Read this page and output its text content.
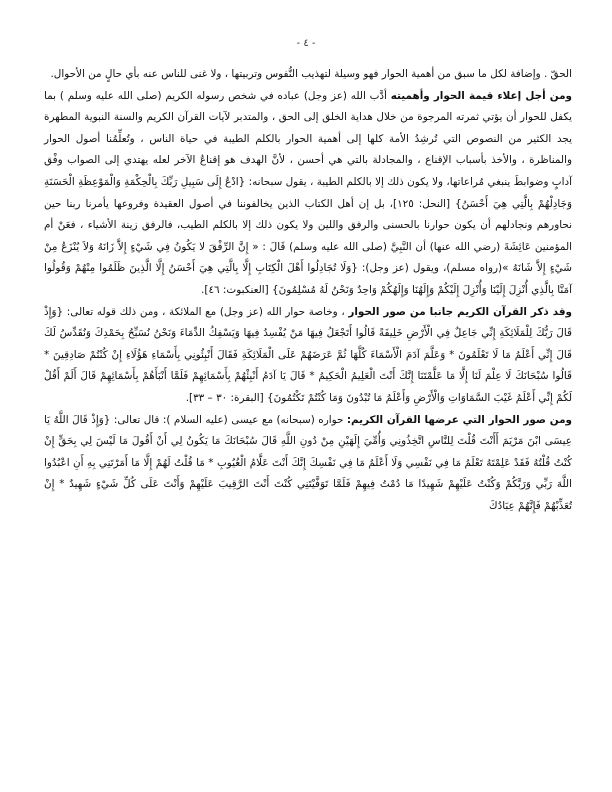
- ٤ -

الحقّ . وإضافة لكل ما سبق من أهمية الحوار فهو وسيلة لتهذيب النُّفوس وتربيتها ، ولا غنى للناس عنه بأي حالٍ من الأحوال.

ومن أجل إعلاء قيمة الحوار وأهميته أدَّب الله (عز وجل) عباده في شخص رسوله الكريم (صلى الله عليه وسلم ) بما يكفل للحوار أن يؤتي ثمرته المرجوة من خلال هداية الخلق إلى الحق ، والمتدبر لآيات القرآن الكريم والسنة النبوية المطهرة يجد الكثير من النصوص التي تُرشِدُ الأمة كلها إلى أهمية الحوار بالكلم الطيبة في حياة الناس ، وتُعلِّمُنا أصول الحوار والمناظرة ، والأخذ بأسباب الإقناع ، والمجادلة بالتي هي أحسن ، لأنَّ الهدف هو إقناعُ الآخر لعله يهتدي إلى الصواب وفْق آدابٍ وضوابطَ ينبغي مُراعاتها، ولا يكون ذلك إلا بالكلم الطيبة ، يقول سبحانه: {ادْعُ إِلَى سَبِيلِ رَبِّكَ بِالْحِكْمَةِ وَالْمَوْعِظَةِ الْحَسَنَةِ وَجَادِلْهُمْ بِالَّتِي هِيَ أَحْسَنُ} [النحل: ١٢٥]، بل إن أهل الكتاب الذين يخالفوننا في أصول العقيدة وفروعها يأمرنا ربنا حين نحاورهم ونجادلهم أن يكون حوارنا بالحسنى والرفق واللين ولا يكون ذلك إلا بالكلم الطيب، فالرفق زينة الأشياء ، فعَنْ أم المؤمنين عَائِشَةَ (رضي الله عنها) أن النَّبِيَّ (صلى الله عليه وسلم) قَالَ : « إِنَّ الرِّفْقَ لا يَكُونُ فِي شَيْءٍ إِلاَّ زَانَهُ وَلاَ يُنْزَعُ مِنْ شَيْءٍ إِلاَّ شَانَهُ »(رواه مسلم)، ويقول (عز وجل): {وَلَا تُجَادِلُوا أَهْلَ الْكِتَابِ إِلَّا بِالَّتِي هِيَ أَحْسَنُ إِلَّا الَّذِينَ ظَلَمُوا مِنْهُمْ وَقُولُوا آمَنَّا بِالَّذِي أُنْزِلَ إِلَيْنَا وَأُنْزِلَ إِلَيْكُمْ وَإِلَهُنَا وَإِلَهُكُمْ وَاحِدٌ وَنَحْنُ لَهُ مُسْلِمُونَ} [العنكبوت: ٤٦].

وقد ذكر القرآن الكريم جانبا من صور الحوار ، وخاصة حوار الله (عز وجل) مع الملائكة ، ومن ذلك قوله تعالى: {وَإِذْ قَالَ رَبُّكَ لِلْمَلَائِكَةِ إِنِّي جَاعِلٌ فِي الْأَرْضِ خَلِيفَةً قَالُوا أَتَجْعَلُ فِيهَا مَنْ يُفْسِدُ فِيهَا وَيَسْفِكُ الدِّمَاءَ وَنَحْنُ نُسَبِّحُ بِحَمْدِكَ وَنُقَدِّسُ لَكَ قَالَ إِنِّي أَعْلَمُ مَا لَا تَعْلَمُونَ * وَعَلَّمَ آدَمَ الْأَسْمَاءَ كُلَّهَا ثُمَّ عَرَضَهُمْ عَلَى الْمَلَائِكَةِ فَقَالَ أَنْبِئُونِي بِأَسْمَاءِ هَؤُلَاءِ إِنْ كُنْتُمْ صَادِقِينَ * قَالُوا سُبْحَانَكَ لَا عِلْمَ لَنَا إِلَّا مَا عَلَّمْتَنَا إِنَّكَ أَنْتَ الْعَلِيمُ الْحَكِيمُ * قَالَ يَا آدَمُ أَنْبِئْهُمْ بِأَسْمَائِهِمْ فَلَمَّا أَنْبَأَهُمْ بِأَسْمَائِهِمْ قَالَ أَلَمْ أَقُلْ لَكُمْ إِنِّي أَعْلَمُ غَيْبَ السَّمَاوَاتِ وَالْأَرْضِ وَأَعْلَمُ مَا تُبْدُونَ وَمَا كُنْتُمْ تَكْتُمُونَ} [البقرة: ٣٠ – ٣٣].

ومن صور الحوار التي عرضها القرآن الكريم: حواره (سبحانه) مع عيسى (عليه السلام ): قال تعالى: {وَإِذْ قَالَ اللَّهُ يَا عِيسَى ابْنَ مَرْيَمَ أَأَنْتَ قُلْتَ لِلنَّاسِ اتَّخِذُونِي وَأُمِّيَ إِلَهَيْنِ مِنْ دُونِ اللَّهِ قَالَ سُبْحَانَكَ مَا يَكُونُ لِي أَنْ أَقُولَ مَا لَيْسَ لِي بِحَقٍّ إِنْ كُنْتُ قُلْتُهُ فَقَدْ عَلِمْتَهُ تَعْلَمُ مَا فِي نَفْسِي وَلَا أَعْلَمُ مَا فِي نَفْسِكَ إِنَّكَ أَنْتَ عَلَّامُ الْغُيُوبِ * مَا قُلْتُ لَهُمْ إِلَّا مَا أَمَرْتَنِي بِهِ أَنِ اعْبُدُوا اللَّهَ رَبِّي وَرَبَّكُمْ وَكُنْتُ عَلَيْهِمْ شَهِيدًا مَا دُمْتُ فِيهِمْ فَلَمَّا تَوَفَّيْتَنِي كُنْتَ أَنْتَ الرَّقِيبَ عَلَيْهِمْ وَأَنْتَ عَلَى كُلِّ شَيْءٍ شَهِيدٌ * إِنْ تُعَذِّبْهُمْ فَإِنَّهُمْ عِبَادُكَ
